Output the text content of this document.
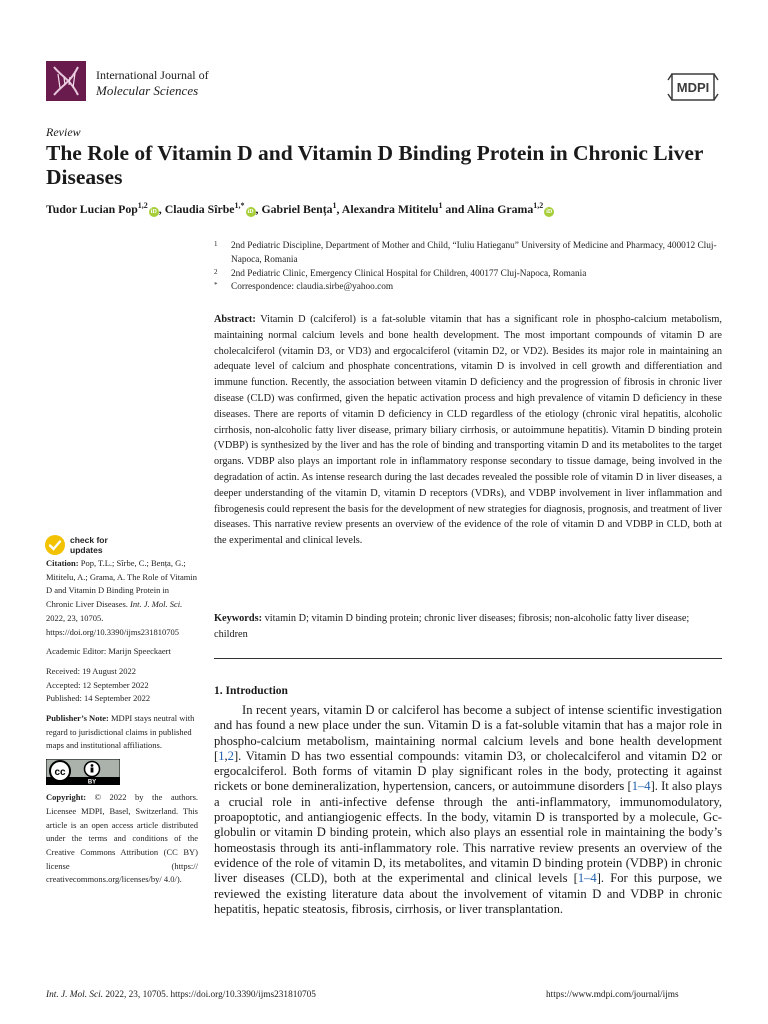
International Journal of
Molecular Sciences	MDPI
Review
The Role of Vitamin D and Vitamin D Binding Protein in Chronic Liver Diseases
Tudor Lucian Pop$^{1,2}$iD , Claudia Sîrbe$^{1,*}$iD , Gabriel Bența$^1$, Alexandra Mititelu$^1$ and Alina Grama$^{1,2}$iD
1 2nd Pediatric Discipline, Department of Mother and Child, “Iuliu Hatieganu” University of Medicine and Pharmacy, 400012 Cluj-Napoca, Romania
2 2nd Pediatric Clinic, Emergency Clinical Hospital for Children, 400177 Cluj-Napoca, Romania
* Correspondence: claudia.sirbe@yahoo.com
Abstract: Vitamin D (calciferol) is a fat-soluble vitamin that has a significant role in phospho-calcium metabolism, maintaining normal calcium levels and bone health development. The most important compounds of vitamin D are cholecalciferol (vitamin D3, or VD3) and ergocalciferol (vitamin D2, or VD2). Besides its major role in maintaining an adequate level of calcium and phosphate concentrations, vitamin D is involved in cell growth and differentiation and immune function. Recently, the association between vitamin D deficiency and the progression of fibrosis in chronic liver disease (CLD) was confirmed, given the hepatic activation process and high prevalence of vitamin D deficiency in these diseases. There are reports of vitamin D deficiency in CLD regardless of the etiology (chronic viral hepatitis, alcoholic cirrhosis, non-alcoholic fatty liver disease, primary biliary cirrhosis, or autoimmune hepatitis). Vitamin D binding protein (VDBP) is synthesized by the liver and has the role of binding and transporting vitamin D and its metabolites to the target organs. VDBP also plays an important role in inflammatory response secondary to tissue damage, being involved in the degradation of actin. As intense research during the last decades revealed the possible role of vitamin D in liver diseases, a deeper understanding of the vitamin D, vitamin D receptors (VDRs), and VDBP involvement in liver inflammation and fibrogenesis could represent the basis for the development of new strategies for diagnosis, prognosis, and treatment of liver diseases. This narrative review presents an overview of the evidence of the role of vitamin D and VDBP in CLD, both at the experimental and clinical levels.
Keywords: vitamin D; vitamin D binding protein; chronic liver diseases; fibrosis; non-alcoholic fatty liver disease; children
1. Introduction

In recent years, vitamin D or calciferol has become a subject of intense scientific investigation and has found a new place under the sun. Vitamin D is a fat-soluble vitamin that has a major role in phospho-calcium metabolism, maintaining normal calcium levels and bone health development [1,2]. Vitamin D has two essential compounds: vitamin D3, or cholecalciferol and vitamin D2 or ergocalciferol. Both forms of vitamin D play significant roles in the body, protecting it against rickets or bone demineralization, hypertension, cancers, or autoimmune disorders [1–4]. It also plays a crucial role in anti-infective defense through the anti-inflammatory, immunomodulatory, proapoptotic, and antiangiogenic effects. In the body, vitamin D is transported by a molecule, Gc-globulin or vitamin D binding protein, which also plays an essential role in maintaining the body’s homeostasis through its anti-inflammatory role. This narrative review presents an overview of the evidence of the role of vitamin D, its metabolites, and vitamin D binding protein (VDBP) in chronic liver diseases (CLD), both at the experimental and clinical levels [1–4]. For this purpose, we reviewed the existing literature data about the involvement of vitamin D and VDBP in chronic hepatitis, hepatic steatosis, fibrosis, cirrhosis, or liver transplantation.

check for
updates
Citation: Pop, T.L.; Sîrbe, C.; Bența, G.; Mititelu, A.; Grama, A. The Role of Vitamin D and Vitamin D Binding Protein in Chronic Liver Diseases. Int. J. Mol. Sci. 2022, 23, 10705. https://doi.org/10.3390/ijms231810705
Academic Editor: Marijn Speeckaert
Received: 19 August 2022
Accepted: 12 September 2022
Published: 14 September 2022
Publisher’s Note: MDPI stays neutral with regard to jurisdictional claims in published maps and institutional affiliations.
cc
BY
Copyright: © 2022 by the authors. Licensee MDPI, Basel, Switzerland. This article is an open access article distributed under the terms and conditions of the Creative Commons Attribution (CC BY) license (https:// creativecommons.org/licenses/by/ 4.0/).
Int. J. Mol. Sci. 2022, 23, 10705. https://doi.org/10.3390/ijms231810705	https://www.mdpi.com/journal/ijms
